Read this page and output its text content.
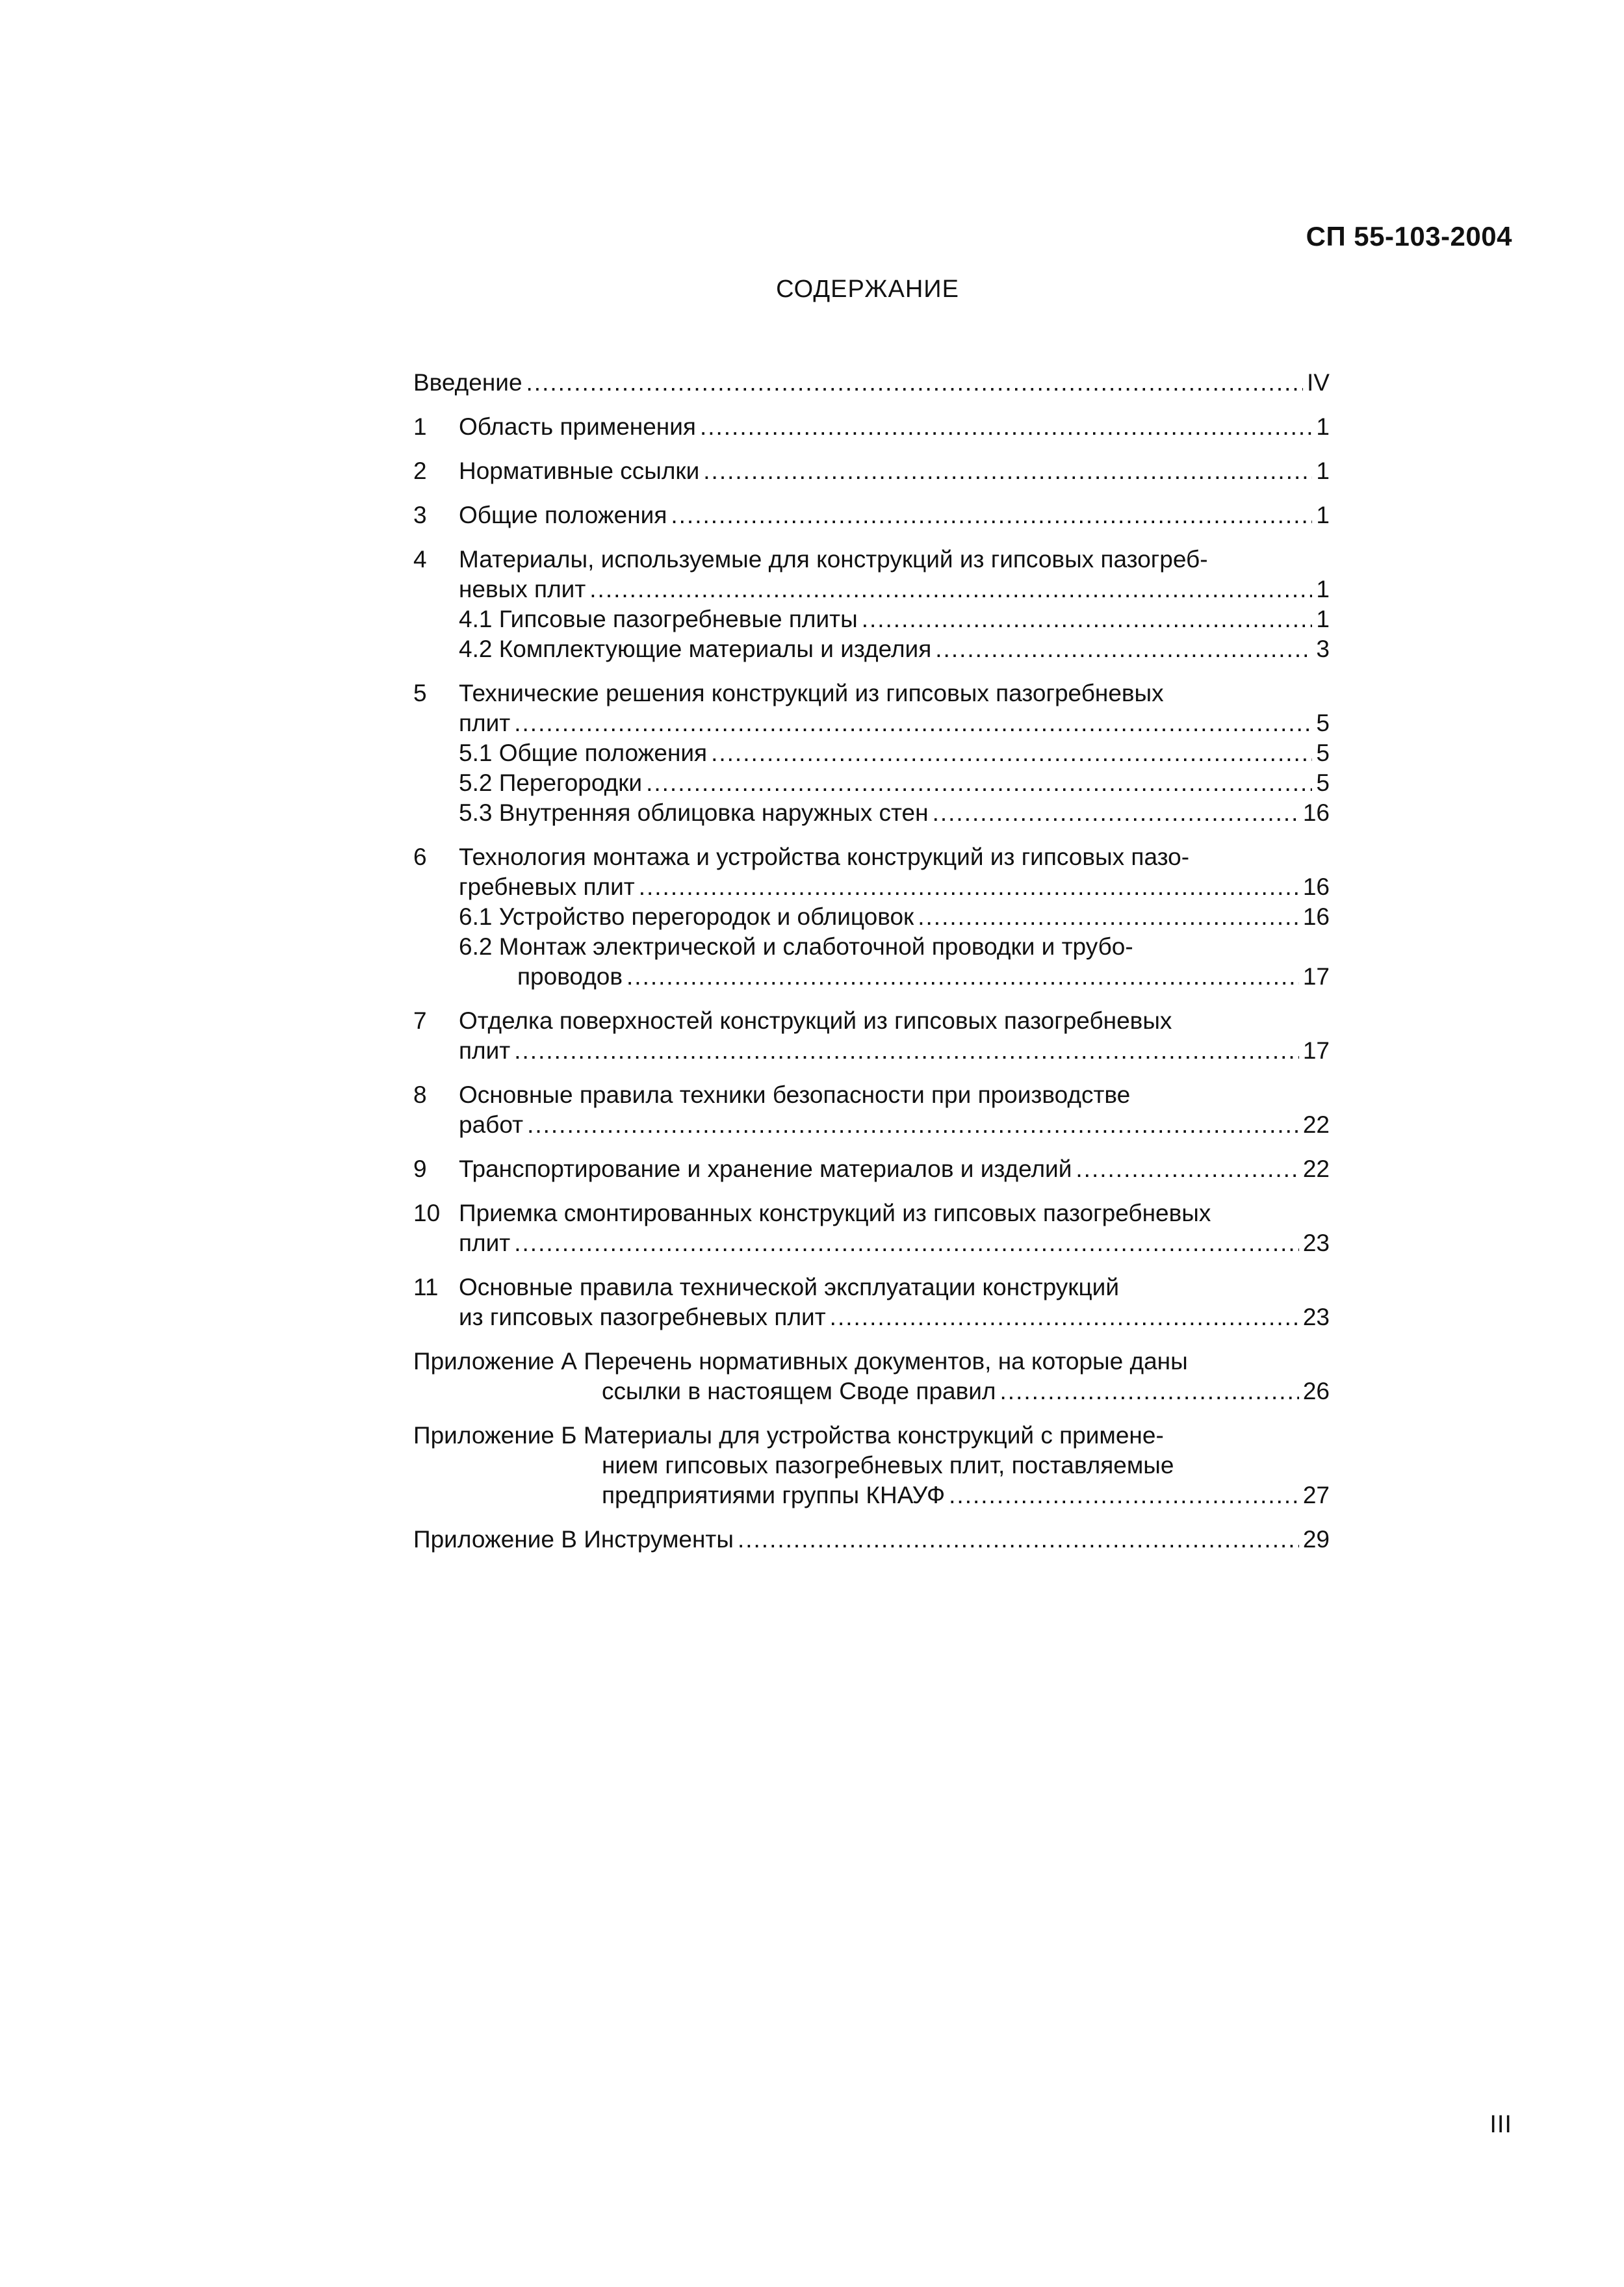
СП 55-103-2004
СОДЕРЖАНИЕ
Введение .....	IV
1 Область применения .....	1
2 Нормативные ссылки .....	1
3 Общие положения .....	1
4 Материалы, используемые для конструкций из гипсовых пазогреб-
невых плит .....	1
4.1 Гипсовые пазогребневые плиты .....	1
4.2 Комплектующие материалы и изделия .....	3
5 Технические решения конструкций из гипсовых пазогребневых
плит .....	5
5.1 Общие положения .....	5
5.2 Перегородки .....	5
5.3 Внутренняя облицовка наружных стен .....	16
6 Технология монтажа и устройства конструкций из гипсовых пазо-
гребневых плит .....	16
6.1 Устройство перегородок и облицовок .....	16
6.2 Монтаж электрической и слаботочной проводки и трубо-
проводов .....	17
7 Отделка поверхностей конструкций из гипсовых пазогребневых
плит .....	17
8 Основные правила техники безопасности при производстве
работ .....	22
9 Транспортирование и хранение материалов и изделий .....	22
10 Приемка смонтированных конструкций из гипсовых пазогребневых
плит .....	23
11 Основные правила технической эксплуатации конструкций
из гипсовых пазогребневых плит .....	23
Приложение А Перечень нормативных документов, на которые даны
ссылки в настоящем Своде правил .....	26
Приложение Б Материалы для устройства конструкций с примене-
нием гипсовых пазогребневых плит, поставляемые
предприятиями группы КНАУФ .....	27
Приложение В Инструменты .....	29
III
